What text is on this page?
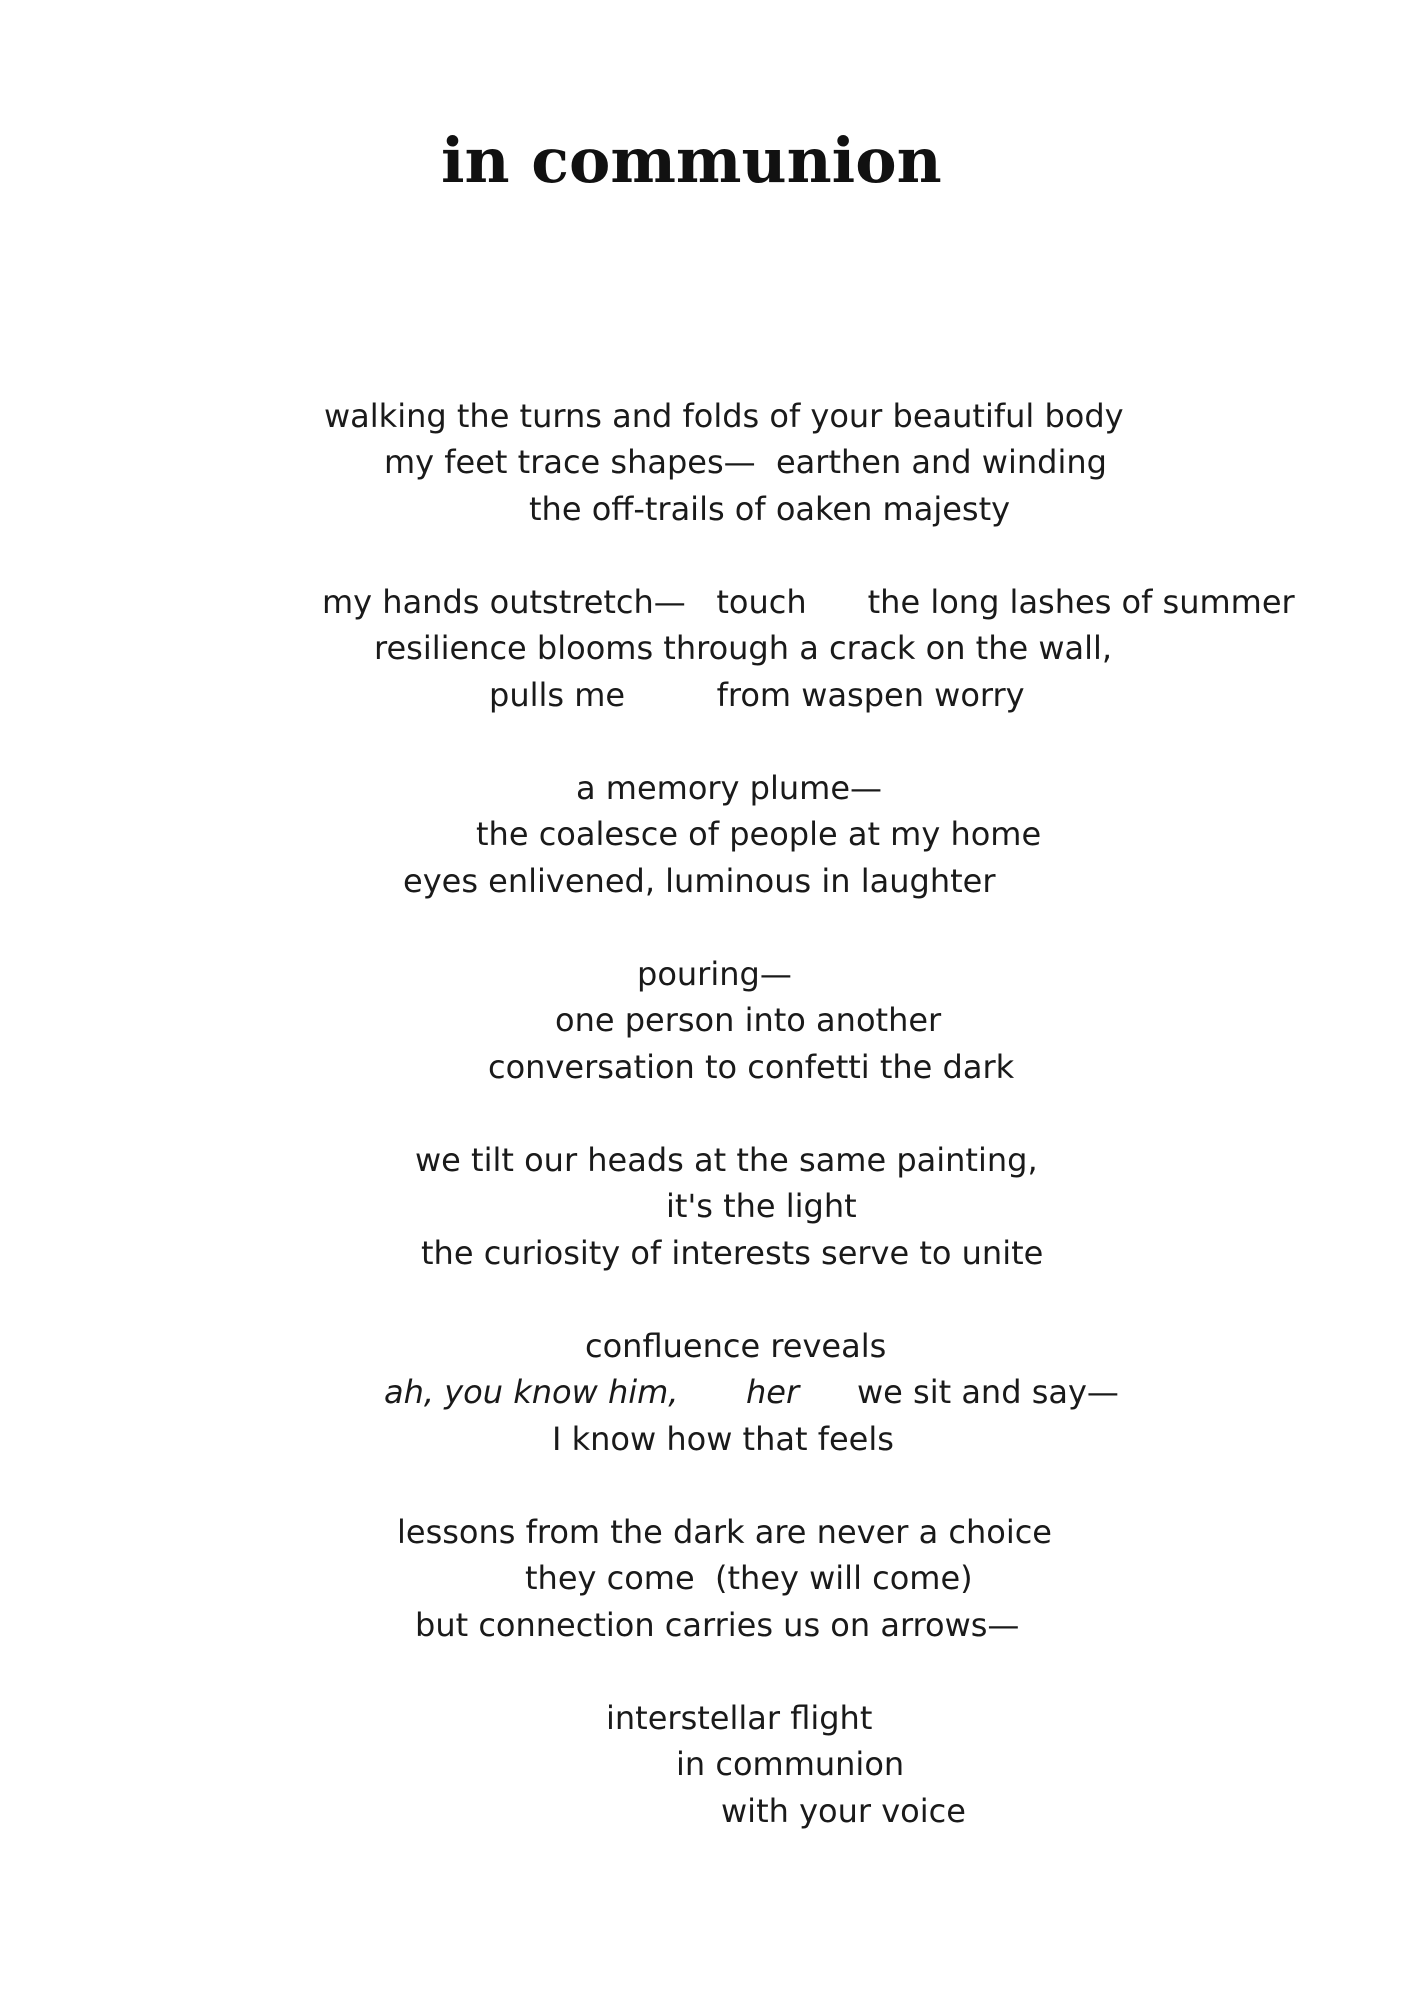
in communion

walking the turns and folds of your beautiful body

my feet trace shapes—  earthen and winding

the off-trails of oaken majesty

my hands outstretch—   touch      the long lashes of summer

resilience blooms through a crack on the wall,

pulls me         from waspen worry

a memory plume—

the coalesce of people at my home

eyes enlivened, luminous in laughter

pouring—

one person into another

conversation to confetti the dark

we tilt our heads at the same painting,

it's the light

the curiosity of interests serve to unite

confluence reveals

ah, you know him, her we sit and say—

I know how that feels

lessons from the dark are never a choice

they come  (they will come)

but connection carries us on arrows—

interstellar flight

in communion

with your voice
